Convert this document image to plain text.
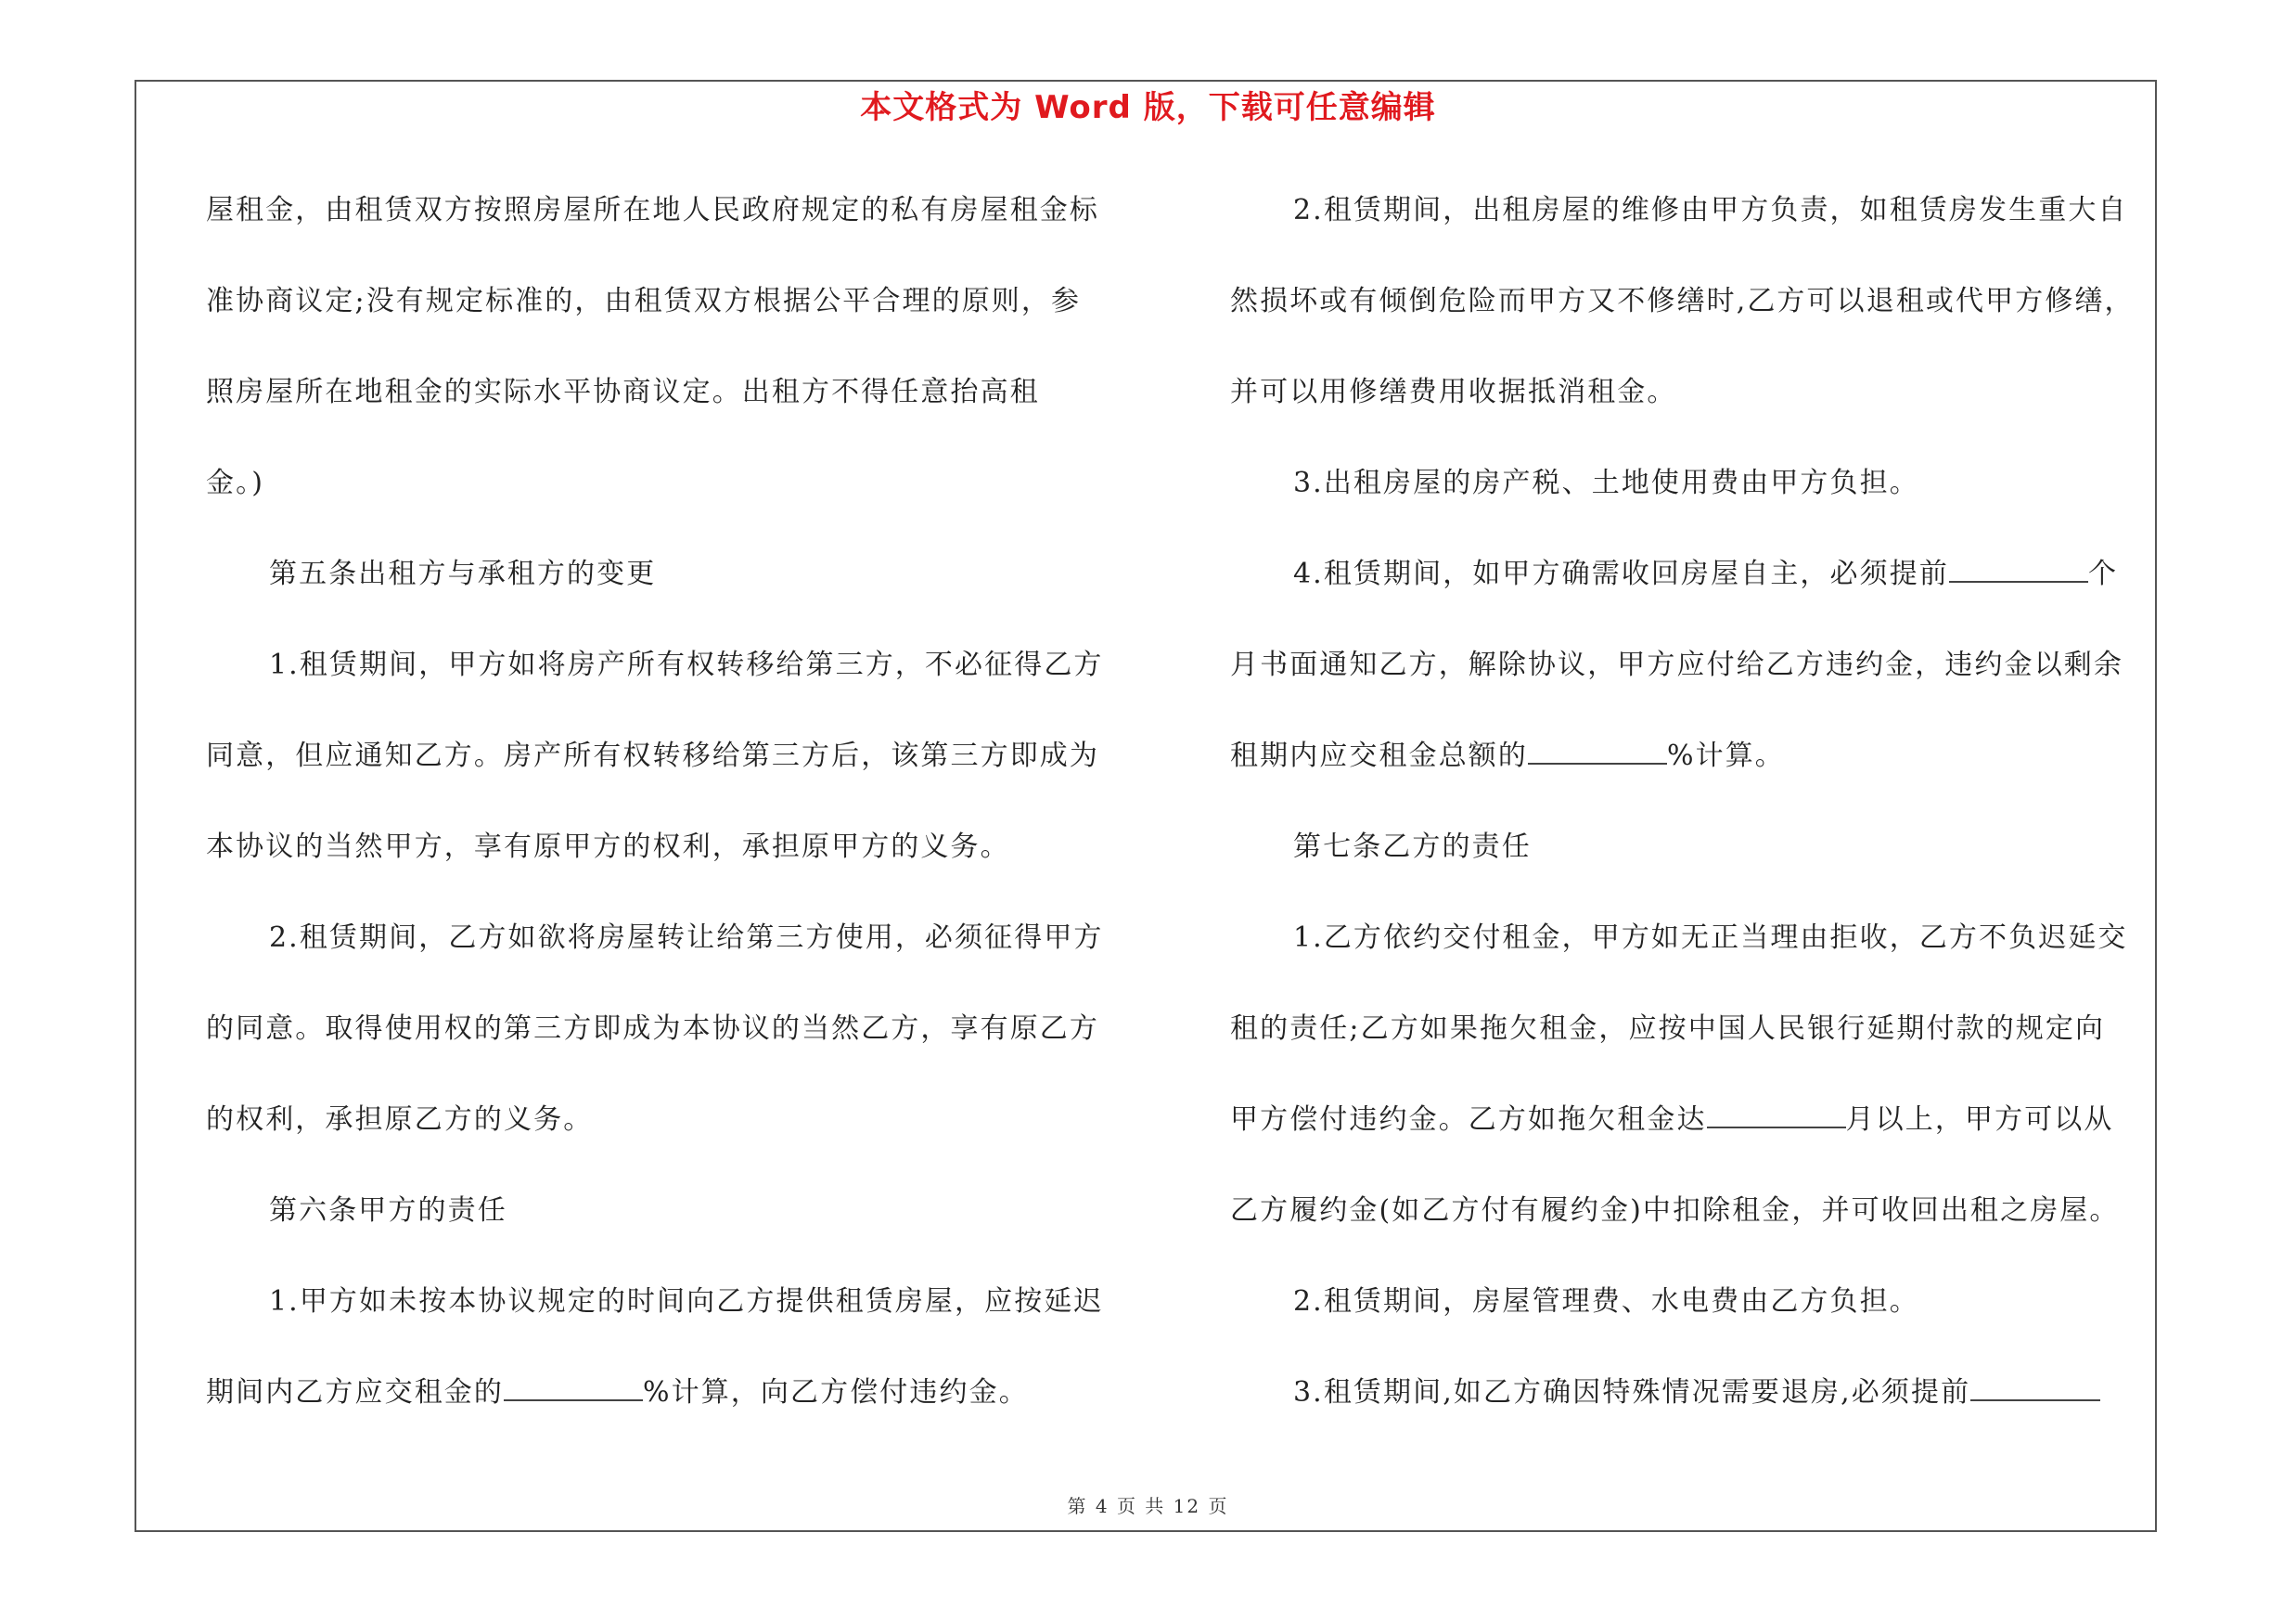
本文格式为 Word 版，下载可任意编辑
屋租金，由租赁双方按照房屋所在地人民政府规定的私有房屋租金标
准协商议定;没有规定标准的，由租赁双方根据公平合理的原则，参
照房屋所在地租金的实际水平协商议定。出租方不得任意抬高租
金。)
第五条出租方与承租方的变更
1.租赁期间，甲方如将房产所有权转移给第三方，不必征得乙方
同意，但应通知乙方。房产所有权转移给第三方后，该第三方即成为
本协议的当然甲方，享有原甲方的权利，承担原甲方的义务。
2.租赁期间，乙方如欲将房屋转让给第三方使用，必须征得甲方
的同意。取得使用权的第三方即成为本协议的当然乙方，享有原乙方
的权利，承担原乙方的义务。
第六条甲方的责任
1.甲方如未按本协议规定的时间向乙方提供租赁房屋，应按延迟
期间内乙方应交租金的	%计算，向乙方偿付违约金。
2.租赁期间，出租房屋的维修由甲方负责，如租赁房发生重大自
然损坏或有倾倒危险而甲方又不修缮时,乙方可以退租或代甲方修缮，
并可以用修缮费用收据抵消租金。
3.出租房屋的房产税、土地使用费由甲方负担。
4.租赁期间，如甲方确需收回房屋自主，必须提前	个
月书面通知乙方，解除协议，甲方应付给乙方违约金，违约金以剩余
租期内应交租金总额的	%计算。
第七条乙方的责任
1.乙方依约交付租金，甲方如无正当理由拒收，乙方不负迟延交
租的责任;乙方如果拖欠租金，应按中国人民银行延期付款的规定向
甲方偿付违约金。乙方如拖欠租金达	月以上，甲方可以从
乙方履约金(如乙方付有履约金)中扣除租金，并可收回出租之房屋。
2.租赁期间，房屋管理费、水电费由乙方负担。
3.租赁期间,如乙方确因特殊情况需要退房,必须提前
第 4 页 共 12 页
